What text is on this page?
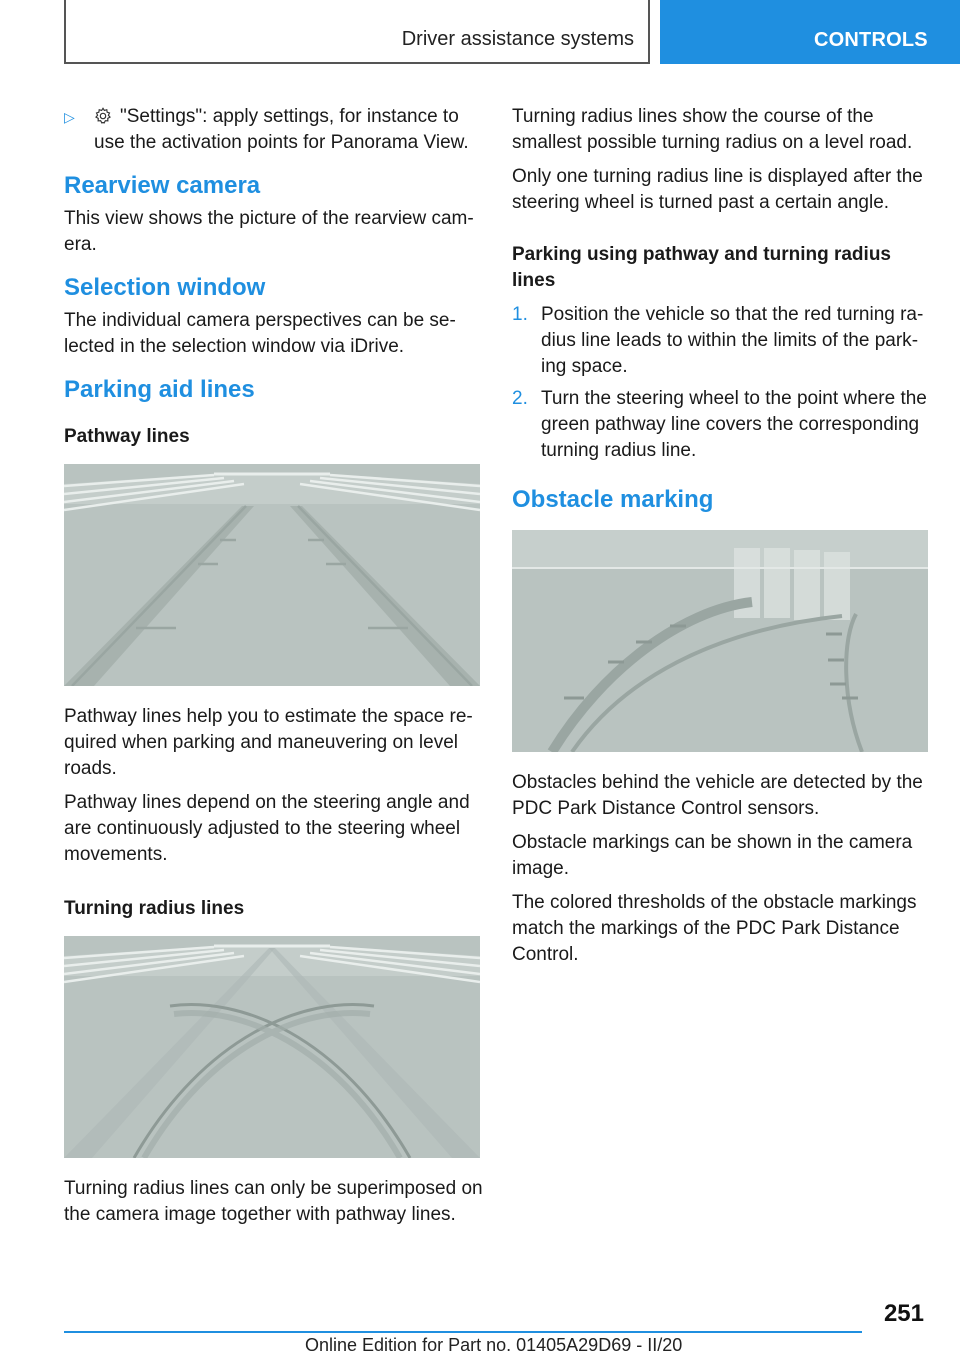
Driver assistance systems	CONTROLS

▷ "Settings": apply settings, for instance to use the activation points for Panorama View.

Rearview camera

This view shows the picture of the rearview camera.

Selection window

The individual camera perspectives can be selected in the selection window via iDrive.

Parking aid lines
Pathway lines

Pathway lines help you to estimate the space required when parking and maneuvering on level roads.

Pathway lines depend on the steering angle and are continuously adjusted to the steering wheel movements.

Turning radius lines

Turning radius lines can only be superimposed on the camera image together with pathway lines.

Turning radius lines show the course of the smallest possible turning radius on a level road.

Only one turning radius line is displayed after the steering wheel is turned past a certain angle.

Parking using pathway and turning radius lines
1. Position the vehicle so that the red turning radius line leads to within the limits of the parking space.
2. Turn the steering wheel to the point where the green pathway line covers the corresponding turning radius line.
Obstacle marking

Obstacles behind the vehicle are detected by the PDC Park Distance Control sensors.

Obstacle markings can be shown in the camera image.

The colored thresholds of the obstacle markings match the markings of the PDC Park Distance Control.

251
Online Edition for Part no. 01405A29D69 - II/20
